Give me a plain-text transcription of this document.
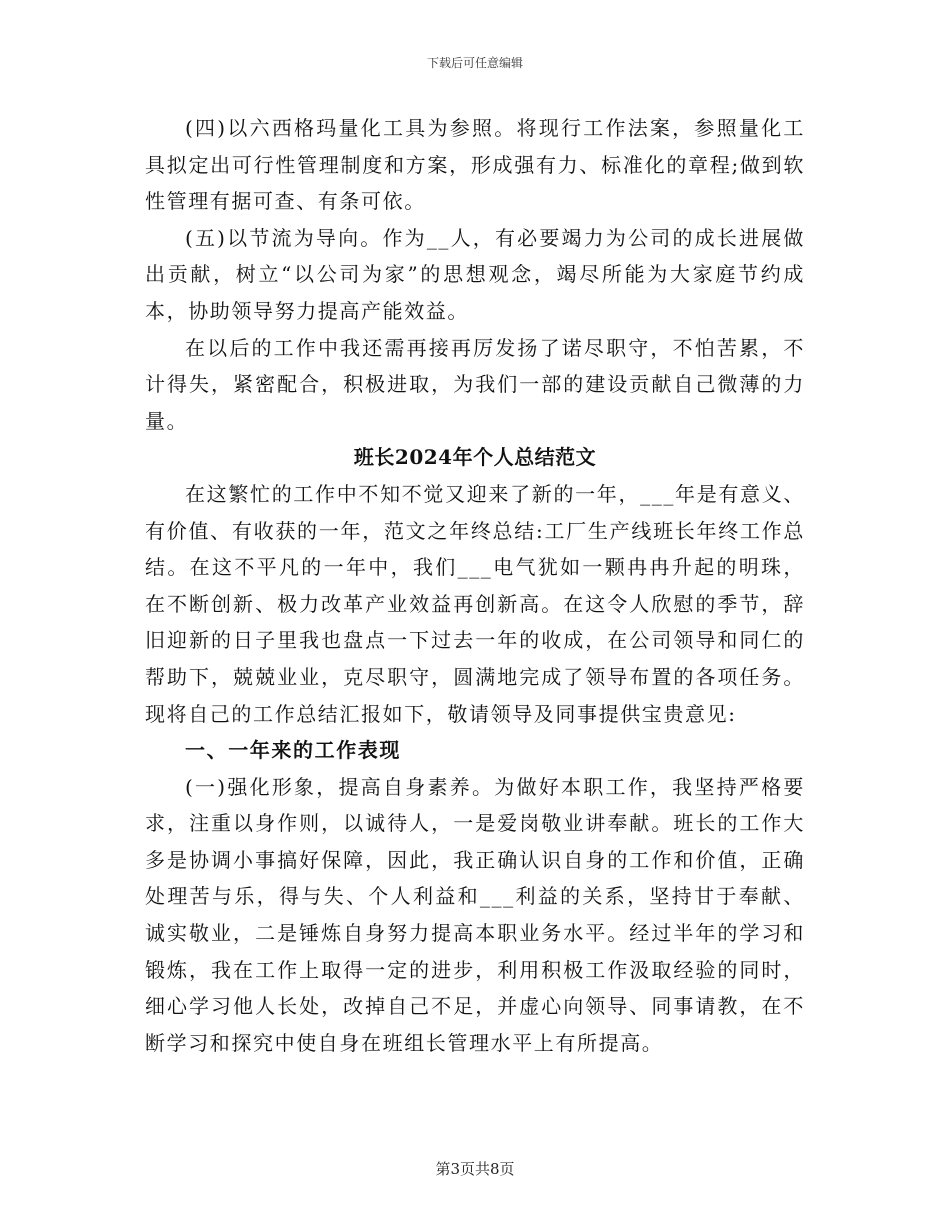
下载后可任意编辑

(四)以六西格玛量化工具为参照。将现行工作法案，参照量化工具拟定出可行性管理制度和方案，形成强有力、标准化的章程;做到软性管理有据可查、有条可依。

(五)以节流为导向。作为__人，有必要竭力为公司的成长进展做出贡献，树立“以公司为家”的思想观念，竭尽所能为大家庭节约成本，协助领导努力提高产能效益。

在以后的工作中我还需再接再厉发扬了诺尽职守，不怕苦累，不计得失，紧密配合，积极进取，为我们一部的建设贡献自己微薄的力量。

班长2024年个人总结范文

在这繁忙的工作中不知不觉又迎来了新的一年，___年是有意义、有价值、有收获的一年，范文之年终总结:工厂生产线班长年终工作总结。在这不平凡的一年中，我们___电气犹如一颗冉冉升起的明珠，在不断创新、极力改革产业效益再创新高。在这令人欣慰的季节，辞旧迎新的日子里我也盘点一下过去一年的收成，在公司领导和同仁的帮助下，兢兢业业，克尽职守，圆满地完成了领导布置的各项任务。现将自己的工作总结汇报如下，敬请领导及同事提供宝贵意见:

一、一年来的工作表现

(一)强化形象，提高自身素养。为做好本职工作，我坚持严格要求，注重以身作则，以诚待人，一是爱岗敬业讲奉献。班长的工作大多是协调小事搞好保障，因此，我正确认识自身的工作和价值，正确处理苦与乐，得与失、个人利益和___利益的关系，坚持甘于奉献、诚实敬业，二是锤炼自身努力提高本职业务水平。经过半年的学习和锻炼，我在工作上取得一定的进步，利用积极工作汲取经验的同时，细心学习他人长处，改掉自己不足，并虚心向领导、同事请教，在不断学习和探究中使自身在班组长管理水平上有所提高。

第3页共8页
